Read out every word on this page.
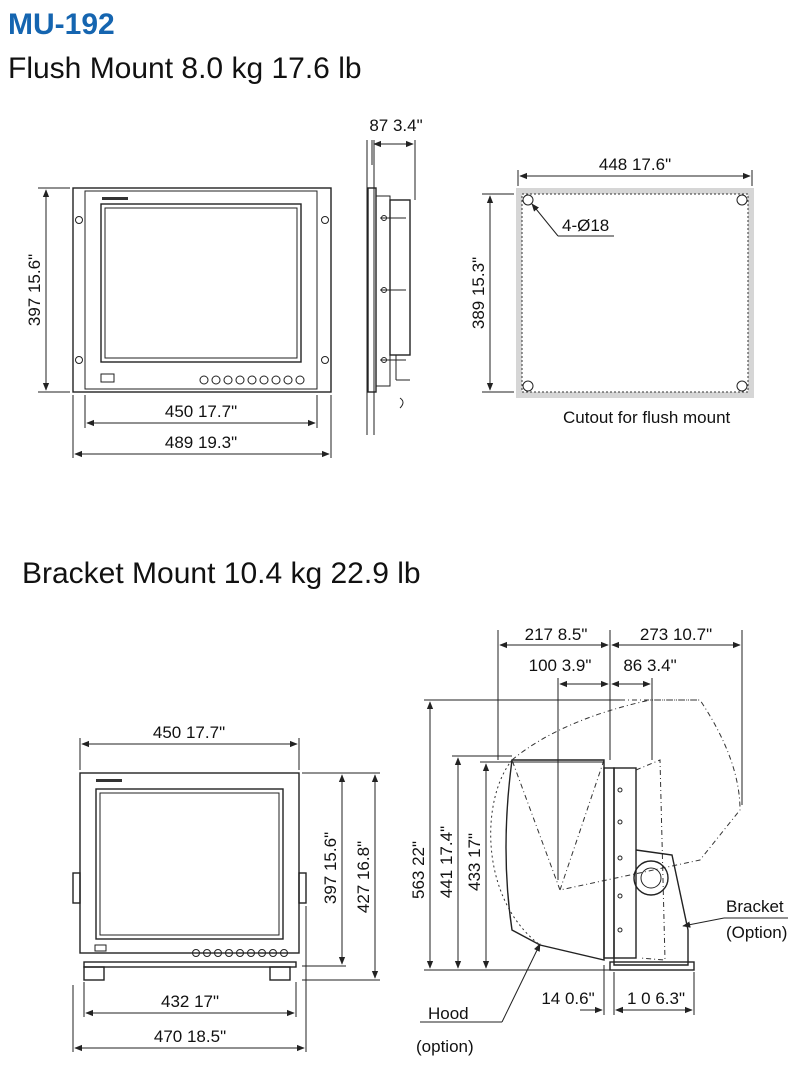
MU-192
Flush Mount 8.0 kg 17.6 lb
Bracket Mount 10.4 kg 22.9 lb
397 15.6"
450 17.7"
489 19.3"
87 3.4"
448 17.6"
389 15.3"
4-Ø18
Cutout for flush mount
450 17.7"
397 15.6" 427 16.8"
432 17"
470 18.5"
217 8.5"	273 10.7"
100 3.9" 86 3.4"
563 22" 441 17.4" 433 17"
14 0.6" 1 0 6.3"
Hood
(option)
Bracket
(Option)
